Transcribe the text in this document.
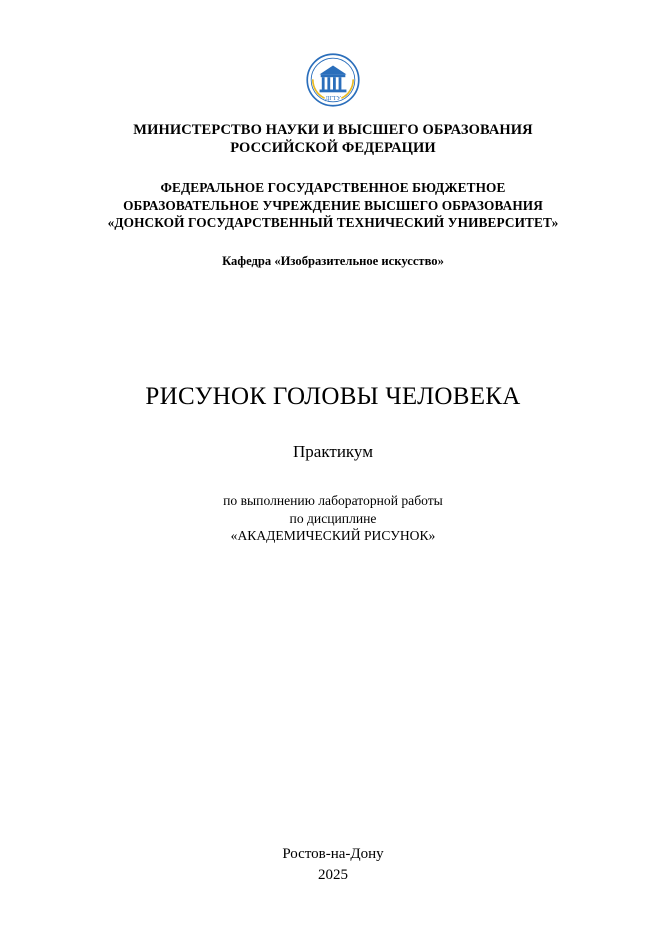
ДГТУ
МИНИСТЕРСТВО НАУКИ И ВЫСШЕГО ОБРАЗОВАНИЯ
РОССИЙСКОЙ ФЕДЕРАЦИИ
ФЕДЕРАЛЬНОЕ ГОСУДАРСТВЕННОЕ БЮДЖЕТНОЕ
ОБРАЗОВАТЕЛЬНОЕ УЧРЕЖДЕНИЕ ВЫСШЕГО ОБРАЗОВАНИЯ
«ДОНСКОЙ ГОСУДАРСТВЕННЫЙ ТЕХНИЧЕСКИЙ УНИВЕРСИТЕТ»
Кафедра «Изобразительное искусство»
РИСУНОК ГОЛОВЫ ЧЕЛОВЕКА
Практикум
по выполнению лабораторной работы
по дисциплине
«АКАДЕМИЧЕСКИЙ РИСУНОК»
Ростов-на-Дону
2025
